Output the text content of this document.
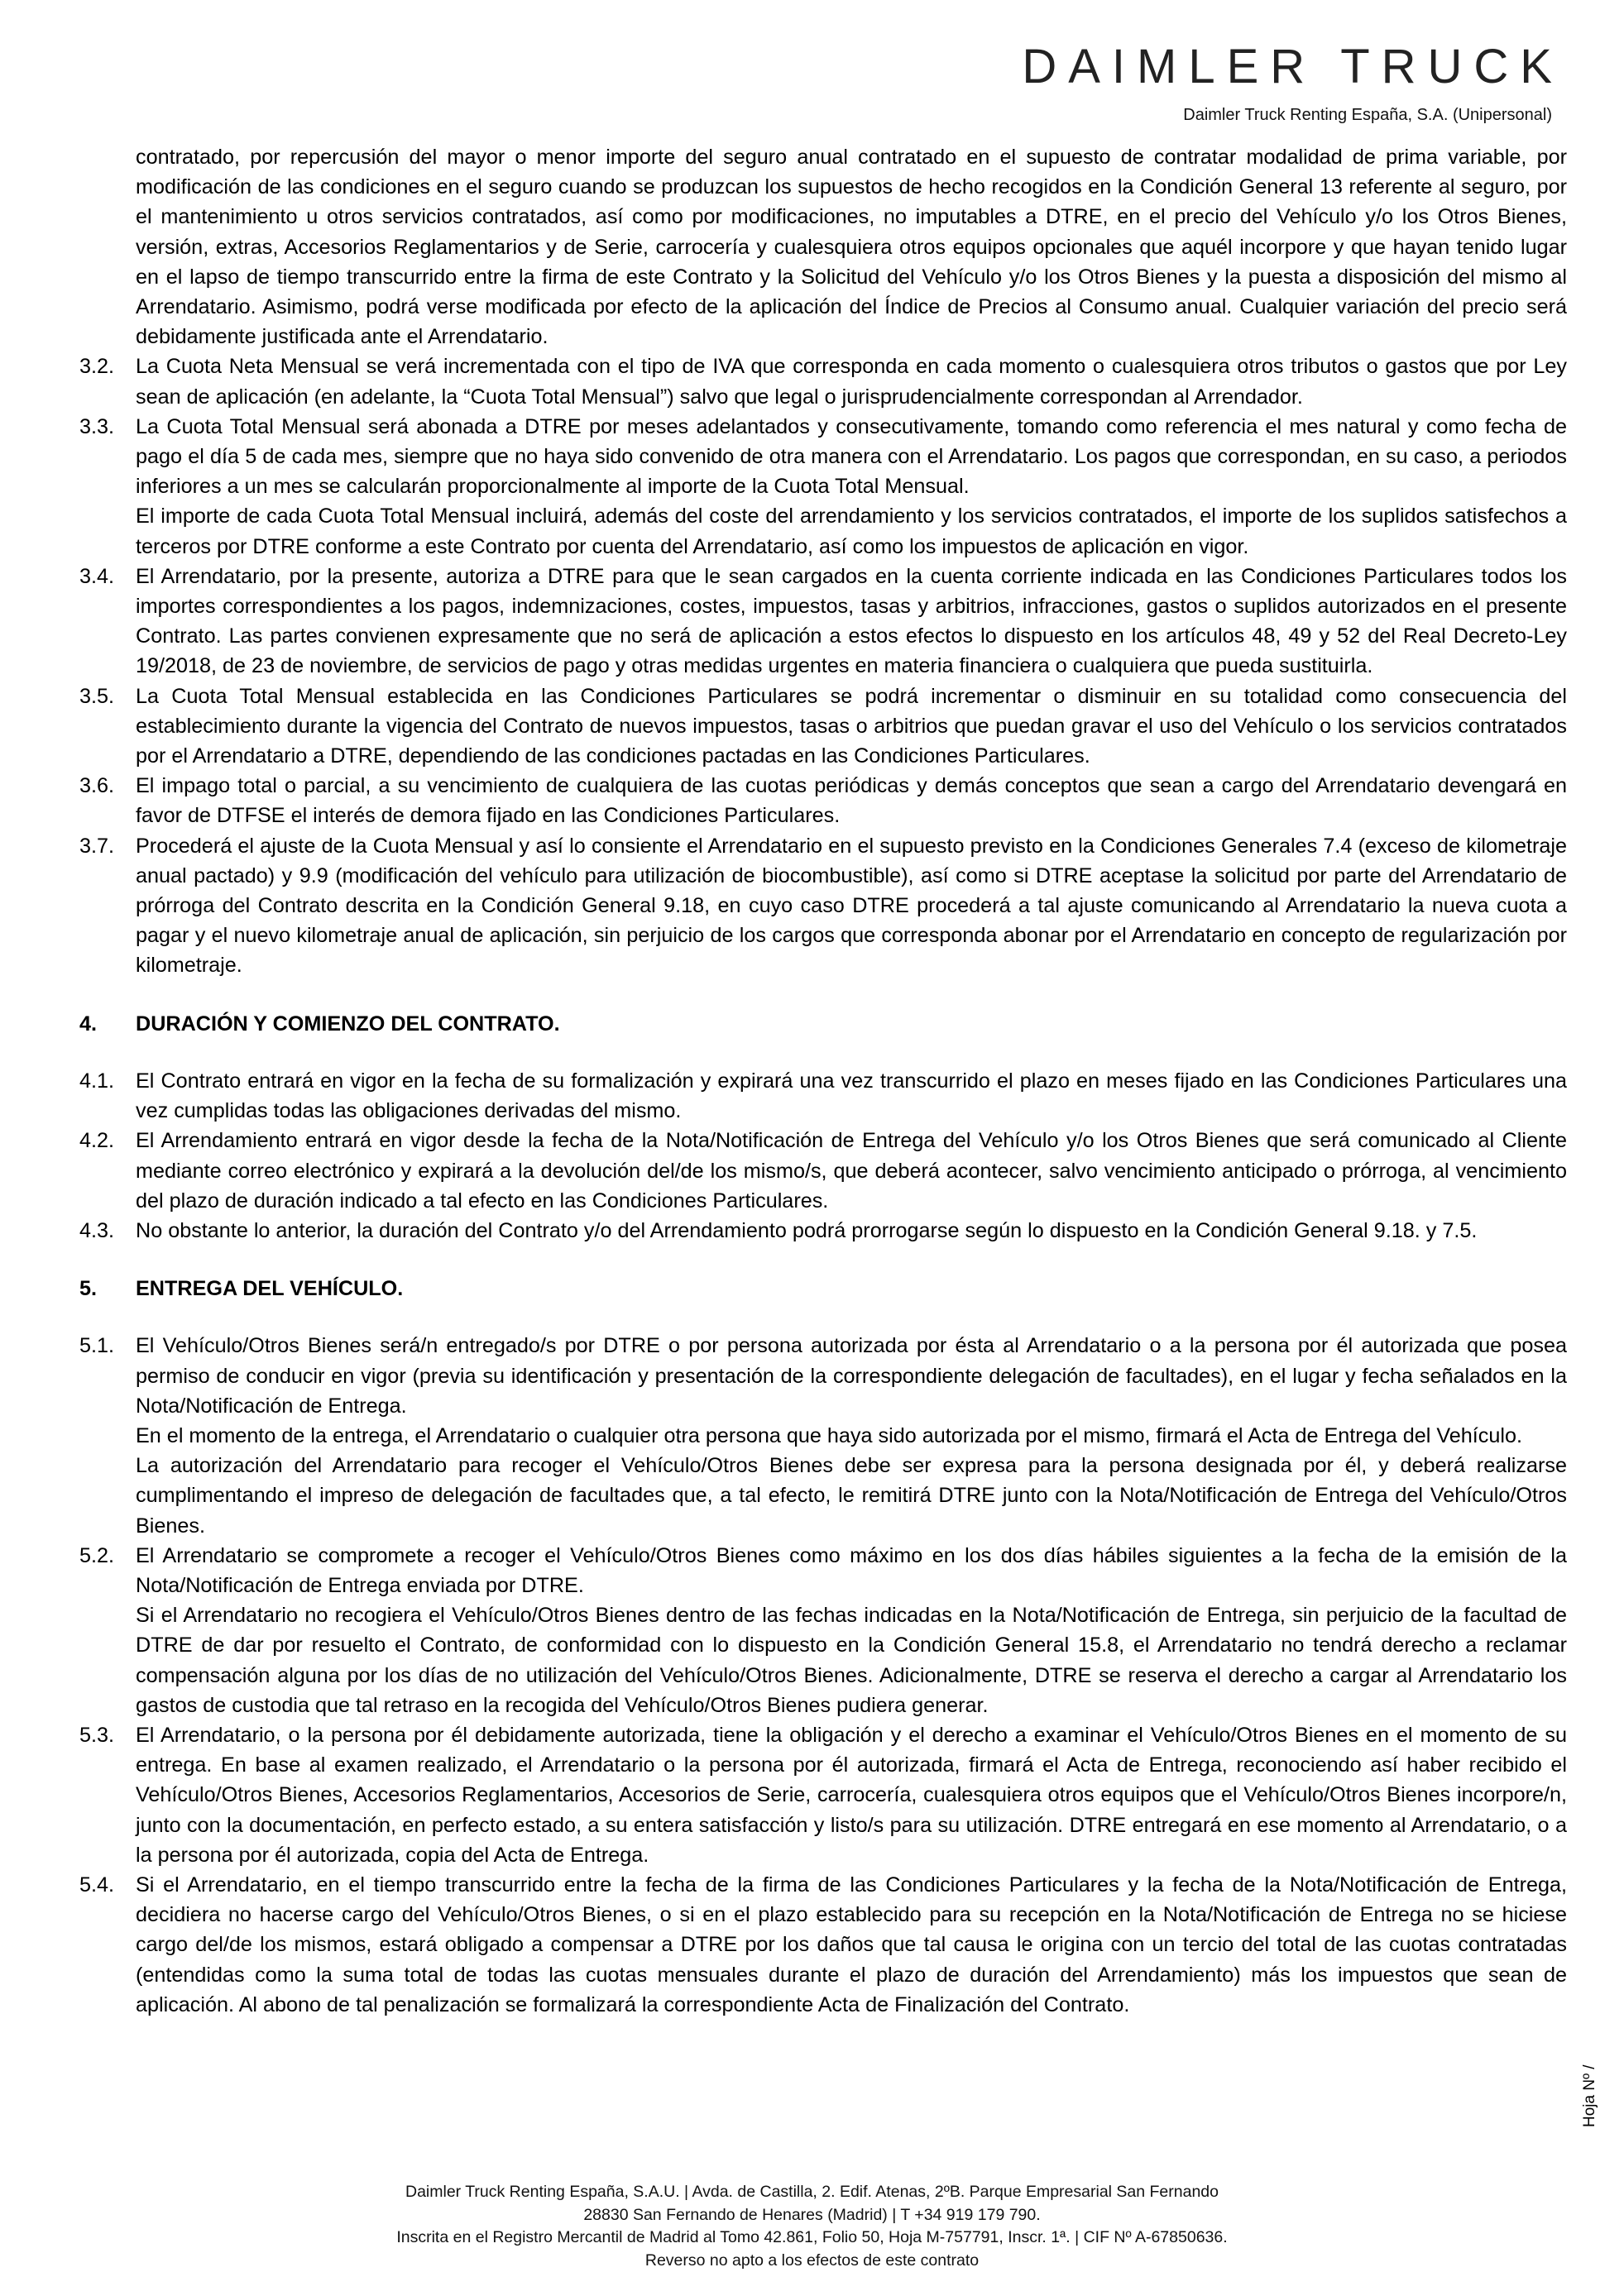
DAIMLER TRUCK
Daimler Truck Renting España, S.A. (Unipersonal)

contratado, por repercusión del mayor o menor importe del seguro anual contratado en el supuesto de contratar modalidad de prima variable, por modificación de las condiciones en el seguro cuando se produzcan los supuestos de hecho recogidos en la Condición General 13 referente al seguro, por el mantenimiento u otros servicios contratados, así como por modificaciones, no imputables a DTRE, en el precio del Vehículo y/o los Otros Bienes, versión, extras, Accesorios Reglamentarios y de Serie, carrocería y cualesquiera otros equipos opcionales que aquél incorpore y que hayan tenido lugar en el lapso de tiempo transcurrido entre la firma de este Contrato y la Solicitud del Vehículo y/o los Otros Bienes y la puesta a disposición del mismo al Arrendatario. Asimismo, podrá verse modificada por efecto de la aplicación del Índice de Precios al Consumo anual. Cualquier variación del precio será debidamente justificada ante el Arrendatario.

3.2.	La Cuota Neta Mensual se verá incrementada con el tipo de IVA que corresponda en cada momento o cualesquiera otros tributos o gastos que por Ley sean de aplicación (en adelante, la “Cuota Total Mensual”) salvo que legal o jurisprudencialmente correspondan al Arrendador.

3.3.	La Cuota Total Mensual será abonada a DTRE por meses adelantados y consecutivamente, tomando como referencia el mes natural y como fecha de pago el día 5 de cada mes, siempre que no haya sido convenido de otra manera con el Arrendatario. Los pagos que correspondan, en su caso, a periodos inferiores a un mes se calcularán proporcionalmente al importe de la Cuota Total Mensual.

El importe de cada Cuota Total Mensual incluirá, además del coste del arrendamiento y los servicios contratados, el importe de los suplidos satisfechos a terceros por DTRE conforme a este Contrato por cuenta del Arrendatario, así como los impuestos de aplicación en vigor.

3.4.	El Arrendatario, por la presente, autoriza a DTRE para que le sean cargados en la cuenta corriente indicada en las Condiciones Particulares todos los importes correspondientes a los pagos, indemnizaciones, costes, impuestos, tasas y arbitrios, infracciones, gastos o suplidos autorizados en el presente Contrato. Las partes convienen expresamente que no será de aplicación a estos efectos lo dispuesto en los artículos 48, 49 y 52 del Real Decreto-Ley 19/2018, de 23 de noviembre, de servicios de pago y otras medidas urgentes en materia financiera o cualquiera que pueda sustituirla.

3.5.	La Cuota Total Mensual establecida en las Condiciones Particulares se podrá incrementar o disminuir en su totalidad como consecuencia del establecimiento durante la vigencia del Contrato de nuevos impuestos, tasas o arbitrios que puedan gravar el uso del Vehículo o los servicios contratados por el Arrendatario a DTRE, dependiendo de las condiciones pactadas en las Condiciones Particulares.

3.6.	El impago total o parcial, a su vencimiento de cualquiera de las cuotas periódicas y demás conceptos que sean a cargo del Arrendatario devengará en favor de DTFSE el interés de demora fijado en las Condiciones Particulares.

3.7.	Procederá el ajuste de la Cuota Mensual y así lo consiente el Arrendatario en el supuesto previsto en la Condiciones Generales 7.4 (exceso de kilometraje anual pactado) y 9.9 (modificación del vehículo para utilización de biocombustible), así como si DTRE aceptase la solicitud por parte del Arrendatario de prórroga del Contrato descrita en la Condición General 9.18, en cuyo caso DTRE procederá a tal ajuste comunicando al Arrendatario la nueva cuota a pagar y el nuevo kilometraje anual de aplicación, sin perjuicio de los cargos que corresponda abonar por el Arrendatario en concepto de regularización por kilometraje.

4.	DURACIÓN Y COMIENZO DEL CONTRATO.
4.1.	El Contrato entrará en vigor en la fecha de su formalización y expirará una vez transcurrido el plazo en meses fijado en las Condiciones Particulares una vez cumplidas todas las obligaciones derivadas del mismo.

4.2.	El Arrendamiento entrará en vigor desde la fecha de la Nota/Notificación de Entrega del Vehículo y/o los Otros Bienes que será comunicado al Cliente mediante correo electrónico y expirará a la devolución del/de los mismo/s, que deberá acontecer, salvo vencimiento anticipado o prórroga, al vencimiento del plazo de duración indicado a tal efecto en las Condiciones Particulares.

4.3.	No obstante lo anterior, la duración del Contrato y/o del Arrendamiento podrá prorrogarse según lo dispuesto en la Condición General 9.18. y 7.5.

5.	ENTREGA DEL VEHÍCULO.
5.1.	El Vehículo/Otros Bienes será/n entregado/s por DTRE o por persona autorizada por ésta al Arrendatario o a la persona por él autorizada que posea permiso de conducir en vigor (previa su identificación y presentación de la correspondiente delegación de facultades), en el lugar y fecha señalados en la Nota/Notificación de Entrega.

En el momento de la entrega, el Arrendatario o cualquier otra persona que haya sido autorizada por el mismo, firmará el Acta de Entrega del Vehículo.

La autorización del Arrendatario para recoger el Vehículo/Otros Bienes debe ser expresa para la persona designada por él, y deberá realizarse cumplimentando el impreso de delegación de facultades que, a tal efecto, le remitirá DTRE junto con la Nota/Notificación de Entrega del Vehículo/Otros Bienes.

5.2.	El Arrendatario se compromete a recoger el Vehículo/Otros Bienes como máximo en los dos días hábiles siguientes a la fecha de la emisión de la Nota/Notificación de Entrega enviada por DTRE.

Si el Arrendatario no recogiera el Vehículo/Otros Bienes dentro de las fechas indicadas en la Nota/Notificación de Entrega, sin perjuicio de la facultad de DTRE de dar por resuelto el Contrato, de conformidad con lo dispuesto en la Condición General 15.8, el Arrendatario no tendrá derecho a reclamar compensación alguna por los días de no utilización del Vehículo/Otros Bienes. Adicionalmente, DTRE se reserva el derecho a cargar al Arrendatario los gastos de custodia que tal retraso en la recogida del Vehículo/Otros Bienes pudiera generar.

5.3.	El Arrendatario, o la persona por él debidamente autorizada, tiene la obligación y el derecho a examinar el Vehículo/Otros Bienes en el momento de su entrega. En base al examen realizado, el Arrendatario o la persona por él autorizada, firmará el Acta de Entrega, reconociendo así haber recibido el Vehículo/Otros Bienes, Accesorios Reglamentarios, Accesorios de Serie, carrocería, cualesquiera otros equipos que el Vehículo/Otros Bienes incorpore/n, junto con la documentación, en perfecto estado, a su entera satisfacción y listo/s para su utilización. DTRE entregará en ese momento al Arrendatario, o a la persona por él autorizada, copia del Acta de Entrega.

5.4.	Si el Arrendatario, en el tiempo transcurrido entre la fecha de la firma de las Condiciones Particulares y la fecha de la Nota/Notificación de Entrega, decidiera no hacerse cargo del Vehículo/Otros Bienes, o si en el plazo establecido para su recepción en la Nota/Notificación de Entrega no se hiciese cargo del/de los mismos, estará obligado a compensar a DTRE por los daños que tal causa le origina con un tercio del total de las cuotas contratadas (entendidas como la suma total de todas las cuotas mensuales durante el plazo de duración del Arrendamiento) más los impuestos que sean de aplicación. Al abono de tal penalización se formalizará la correspondiente Acta de Finalización del Contrato.

Hoja Nº /

Daimler Truck Renting España, S.A.U. | Avda. de Castilla, 2. Edif. Atenas, 2ºB. Parque Empresarial San Fernando

28830 San Fernando de Henares (Madrid) | T +34 919 179 790.

Inscrita en el Registro Mercantil de Madrid al Tomo 42.861, Folio 50, Hoja M-757791, Inscr. 1ª. | CIF Nº A-67850636.

Reverso no apto a los efectos de este contrato
